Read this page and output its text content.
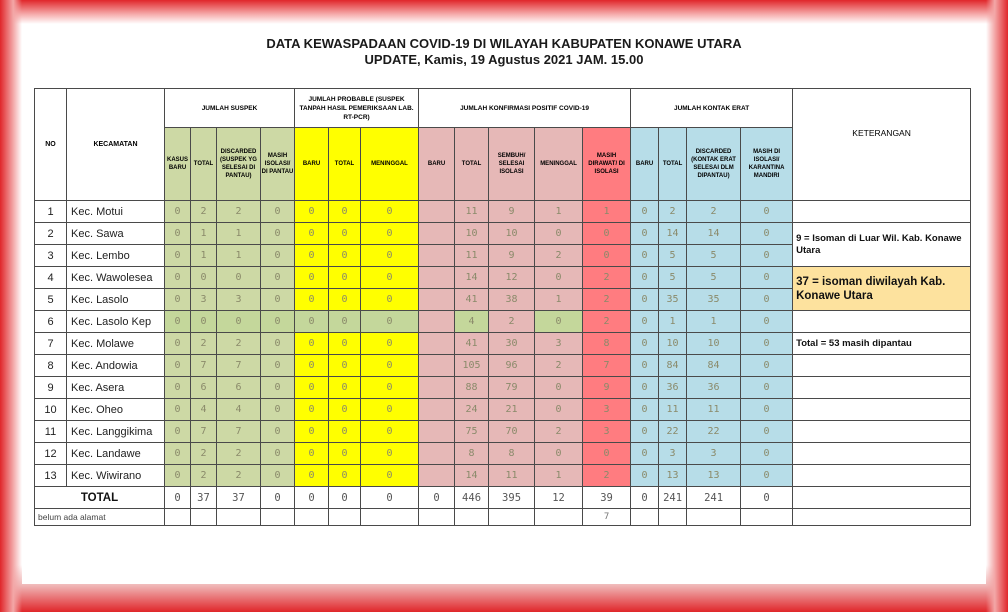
DATA KEWASPADAAN COVID-19 DI WILAYAH KABUPATEN KONAWE UTARA
UPDATE, Kamis, 19 Agustus 2021 JAM. 15.00
NO	KECAMATAN	JUMLAH SUSPEK				JUMLAH PROBABLE (SUSPEK TANPAH HASIL PEMERIKSAAN LAB. RT-PCR)			JUMLAH KONFIRMASI POSITIF COVID-19					JUMLAH KONTAK ERAT				KETERANGAN
		KASUS BARU	TOTAL	DISCARDED (SUSPEK YG SELESAI DI PANTAU)	MASIH ISOLASI/ DI PANTAU	BARU	TOTAL	MENINGGAL	BARU	TOTAL	SEMBUH/ SELESAI ISOLASI	MENINGGAL	MASIH DIRAWAT/ DI ISOLASI	BARU	TOTAL	DISCARDED (KONTAK ERAT SELESAI DLM DIPANTAU)	MASIH DI ISOLASI/ KARANTINA MANDIRI	
1	Kec. Motui	0	2	2	0	0	0	0		11	9	1	1	0	2	2	0	
2	Kec. Sawa	0	1	1	0	0	0	0		10	10	0	0	0	14	14	0	9 = Isoman di Luar Wil. Kab. Konawe Utara
3	Kec. Lembo	0	1	1	0	0	0	0		11	9	2	0	0	5	5	0	
4	Kec. Wawolesea	0	0	0	0	0	0	0		14	12	0	2	0	5	5	0	37 = isoman diwilayah Kab. Konawe Utara
5	Kec. Lasolo	0	3	3	0	0	0	0		41	38	1	2	0	35	35	0	
6	Kec. Lasolo Kep	0	0	0	0	0	0	0		4	2	0	2	0	1	1	0	
7	Kec. Molawe	0	2	2	0	0	0	0		41	30	3	8	0	10	10	0	Total = 53 masih dipantau
8	Kec. Andowia	0	7	7	0	0	0	0		105	96	2	7	0	84	84	0	
9	Kec. Asera	0	6	6	0	0	0	0		88	79	0	9	0	36	36	0	
10	Kec. Oheo	0	4	4	0	0	0	0		24	21	0	3	0	11	11	0	
11	Kec. Langgikima	0	7	7	0	0	0	0		75	70	2	3	0	22	22	0	
12	Kec. Landawe	0	2	2	0	0	0	0		8	8	0	0	0	3	3	0	
13	Kec. Wiwirano	0	2	2	0	0	0	0		14	11	1	2	0	13	13	0	
TOTAL		0	37	37	0	0	0	0	0	446	395	12	39	0	241	241	0	
belum ada alamat													7					
